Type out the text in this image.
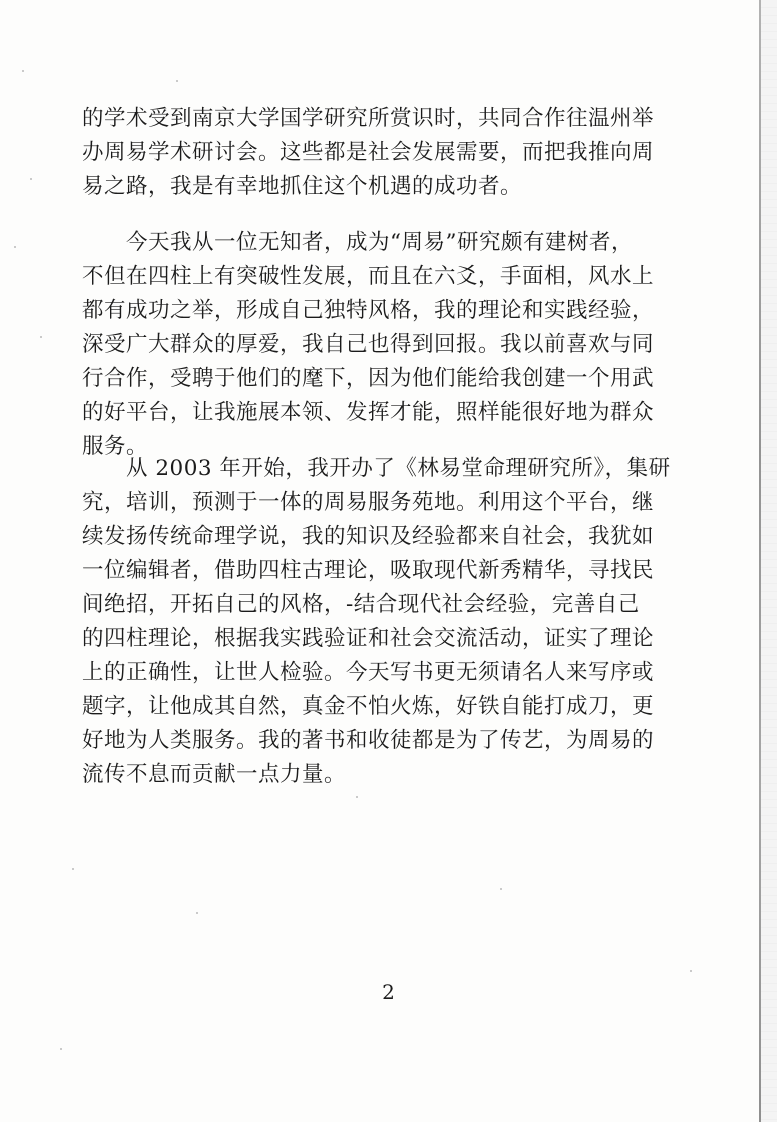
的学术受到南京大学国学研究所赏识时，共同合作往温州举
办周易学术研讨会。这些都是社会发展需要，而把我推向周
易之路，我是有幸地抓住这个机遇的成功者。
今天我从一位无知者，成为“周易”研究颇有建树者，
不但在四柱上有突破性发展，而且在六爻，手面相，风水上
都有成功之举，形成自己独特风格，我的理论和实践经验，
深受广大群众的厚爱，我自己也得到回报。我以前喜欢与同
行合作，受聘于他们的麾下，因为他们能给我创建一个用武
的好平台，让我施展本领、发挥才能，照样能很好地为群众
服务。
从 2003 年开始，我开办了《林易堂命理研究所》，集研
究，培训，预测于一体的周易服务苑地。利用这个平台，继
续发扬传统命理学说，我的知识及经验都来自社会，我犹如
一位编辑者，借助四柱古理论，吸取现代新秀精华，寻找民
间绝招，开拓自己的风格，-结合现代社会经验，完善自己
的四柱理论，根据我实践验证和社会交流活动，证实了理论
上的正确性，让世人检验。今天写书更无须请名人来写序或
题字，让他成其自然，真金不怕火炼，好铁自能打成刀，更
好地为人类服务。我的著书和收徒都是为了传艺，为周易的
流传不息而贡献一点力量。
2
